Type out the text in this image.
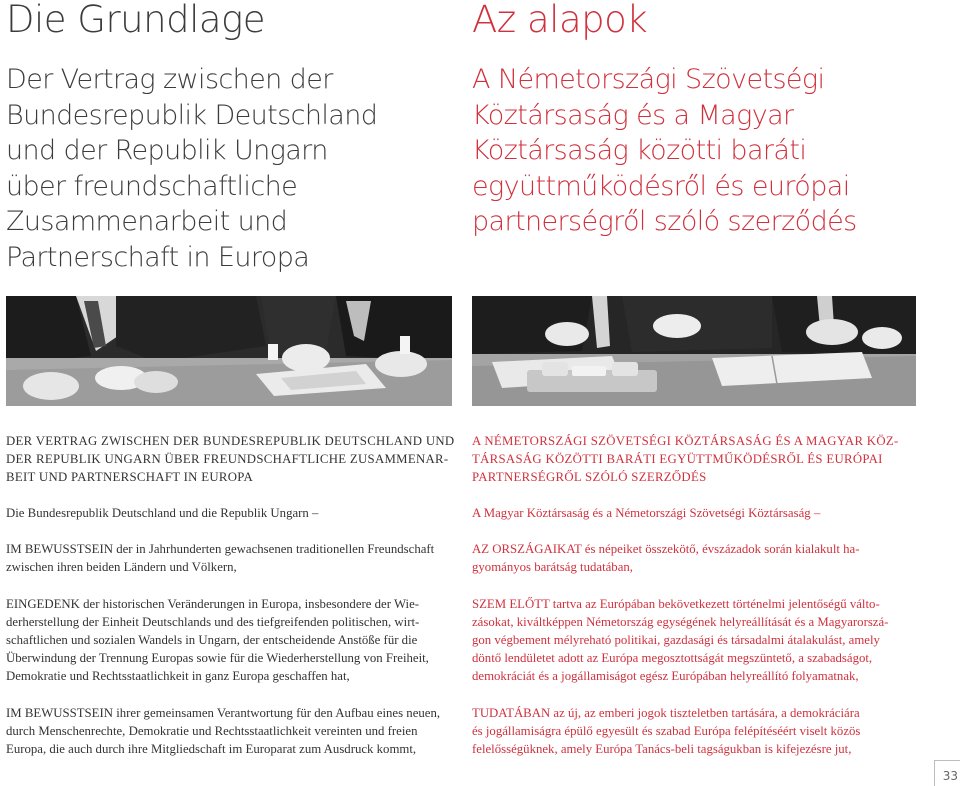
Die Grundlage
Der Vertrag zwischen der
Bundesrepublik Deutschland
und der Republik Ungarn
über freundschaftliche
Zusammenarbeit und
Partnerschaft in Europa
Az alapok
A Németországi Szövetségi
Köztársaság és a Magyar
Köztársaság közötti baráti
együttműködésről és európai
partnerségről szóló szerződés

DER VERTRAG ZWISCHEN DER BUNDESREPUBLIK DEUTSCHLAND UND
DER REPUBLIK UNGARN ÜBER FREUNDSCHAFTLICHE ZUSAMMENAR-
BEIT UND PARTNERSCHAFT IN EUROPA

Die Bundesrepublik Deutschland und die Republik Ungarn –

IM BEWUSSTSEIN der in Jahrhunderten gewachsenen traditionellen Freundschaft
zwischen ihren beiden Ländern und Völkern,

EINGEDENK der historischen Veränderungen in Europa, insbesondere der Wie-
derherstellung der Einheit Deutschlands und des tiefgreifenden politischen, wirt-
schaftlichen und sozialen Wandels in Ungarn, der entscheidende Anstöße für die
Überwindung der Trennung Europas sowie für die Wiederherstellung von Freiheit,
Demokratie und Rechtsstaatlichkeit in ganz Europa geschaffen hat,

IM BEWUSSTSEIN ihrer gemeinsamen Verantwortung für den Aufbau eines neuen,
durch Menschenrechte, Demokratie und Rechtsstaatlichkeit vereinten und freien
Europa, die auch durch ihre Mitgliedschaft im Europarat zum Ausdruck kommt,

A NÉMETORSZÁGI SZÖVETSÉGI KÖZTÁRSASÁG ÉS A MAGYAR KÖZ-
TÁRSASÁG KÖZÖTTI BARÁTI EGYÜTTMŰKÖDÉSRŐL ÉS EURÓPAI
PARTNERSÉGRŐL SZÓLÓ SZERZŐDÉS

A Magyar Köztársaság és a Németországi Szövetségi Köztársaság –

AZ ORSZÁGAIKAT és népeiket összekötő, évszázadok során kialakult ha-
gyományos barátság tudatában,

SZEM ELŐTT tartva az Európában bekövetkezett történelmi jelentőségű válto-
zásokat, kiváltképpen Németország egységének helyreállítását és a Magyarorszá-
gon végbement mélyreható politikai, gazdasági és társadalmi átalakulást, amely
döntő lendületet adott az Európa megosztottságát megszüntető, a szabadságot,
demokráciát és a jogállamiságot egész Európában helyreállító folyamatnak,

TUDATÁBAN az új, az emberi jogok tiszteletben tartására, a demokráciára
és jogállamiságra épülő egyesült és szabad Európa felépítéséért viselt közös
felelősségüknek, amely Európa Tanács-beli tagságukban is kifejezésre jut,

33
